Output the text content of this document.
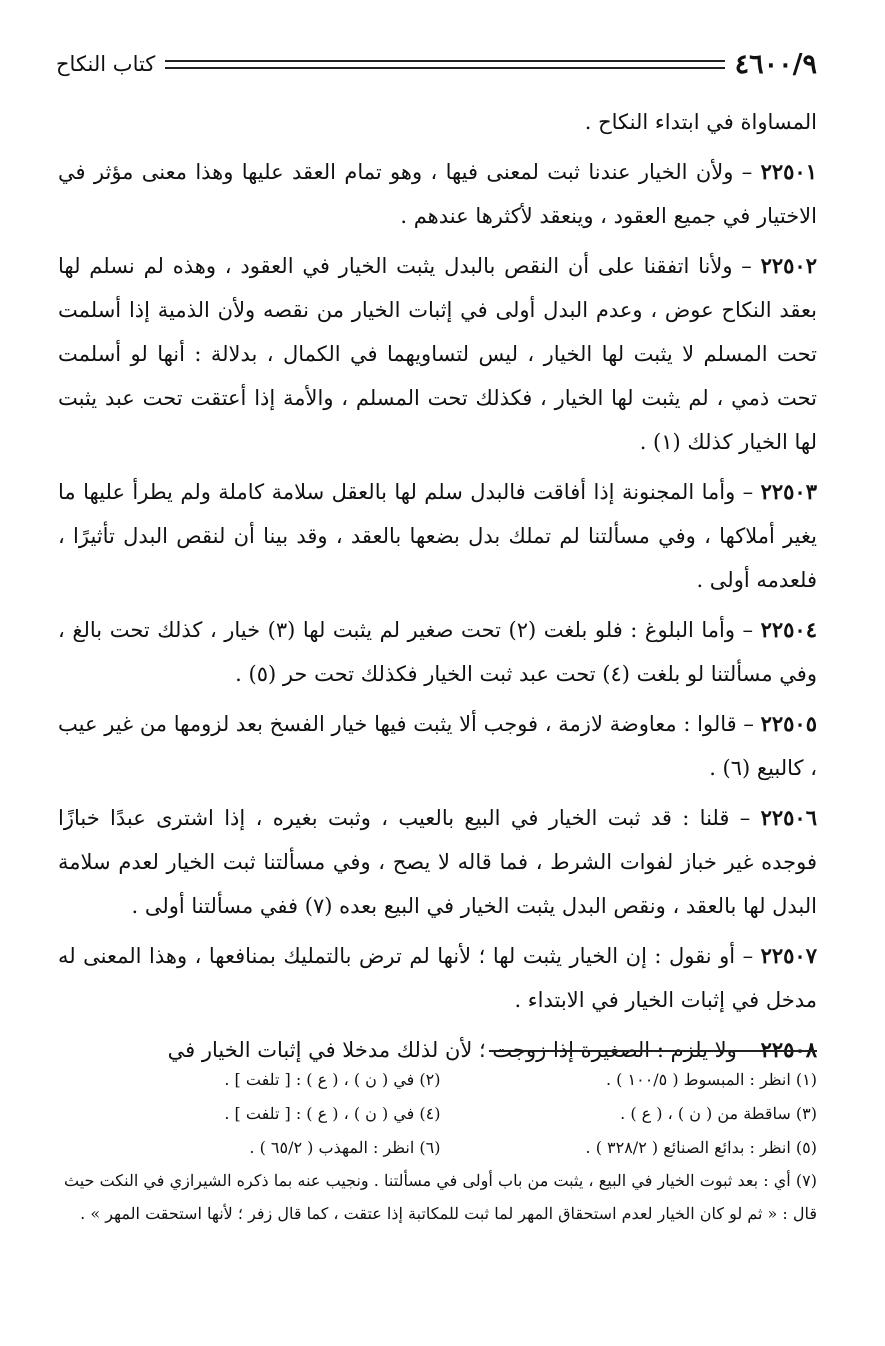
٤٦٠٠/٩
كتاب النكاح

المساواة في ابتداء النكاح .

٢٢٥٠١ – ولأن الخيار عندنا ثبت لمعنى فيها ، وهو تمام العقد عليها وهذا معنى مؤثر في الاختيار في جميع العقود ، وينعقد لأكثرها عندهم .

٢٢٥٠٢ – ولأنا اتفقنا على أن النقص بالبدل يثبت الخيار في العقود ، وهذه لم نسلم لها بعقد النكاح عوض ، وعدم البدل أولى في إثبات الخيار من نقصه ولأن الذمية إذا أسلمت تحت المسلم لا يثبت لها الخيار ، ليس لتساويهما في الكمال ، بدلالة : أنها لو أسلمت تحت ذمي ، لم يثبت لها الخيار ، فكذلك تحت المسلم ، والأمة إذا أعتقت تحت عبد يثبت لها الخيار كذلك (١) .

٢٢٥٠٣ – وأما المجنونة إذا أفاقت فالبدل سلم لها بالعقل سلامة كاملة ولم يطرأ عليها ما يغير أملاكها ، وفي مسألتنا لم تملك بدل بضعها بالعقد ، وقد بينا أن لنقص البدل تأثيرًا ، فلعدمه أولى .

٢٢٥٠٤ – وأما البلوغ : فلو بلغت (٢) تحت صغير لم يثبت لها (٣) خيار ، كذلك تحت بالغ ، وفي مسألتنا لو بلغت (٤) تحت عبد ثبت الخيار فكذلك تحت حر (٥) .

٢٢٥٠٥ – قالوا : معاوضة لازمة ، فوجب ألا يثبت فيها خيار الفسخ بعد لزومها من غير عيب ، كالبيع (٦) .

٢٢٥٠٦ – قلنا : قد ثبت الخيار في البيع بالعيب ، وثبت بغيره ، إذا اشترى عبدًا خبازًا فوجده غير خباز لفوات الشرط ، فما قاله لا يصح ، وفي مسألتنا ثبت الخيار لعدم سلامة البدل لها بالعقد ، ونقص البدل يثبت الخيار في البيع بعده (٧) ففي مسألتنا أولى .

٢٢٥٠٧ – أو نقول : إن الخيار يثبت لها ؛ لأنها لم ترض بالتمليك بمنافعها ، وهذا المعنى له مدخل في إثبات الخيار في الابتداء .

٢٢٥٠٨ – ولا يلزم : الصغيرة إذا زوجت ؛ لأن لذلك مدخلا في إثبات الخيار في

(١) انظر : المبسوط ( ١٠٠/٥ ) .
(٢) في ( ن ) ، ( ع ) : [ تلفت ] .
(٣) ساقطة من ( ن ) ، ( ع ) .
(٤) في ( ن ) ، ( ع ) : [ تلفت ] .
(٥) انظر : بدائع الصنائع ( ٣٢٨/٢ ) .
(٦) انظر : المهذب ( ٦٥/٢ ) .
(٧) أي : بعد ثبوت الخيار في البيع ، يثبت من باب أولى في مسألتنا . ونجيب عنه بما ذكره الشيرازي في النكت حيث قال : « ثم لو كان الخيار لعدم استحقاق المهر لما ثبت للمكاتبة إذا عتقت ، كما قال زفر ؛ لأنها استحقت المهر » .
